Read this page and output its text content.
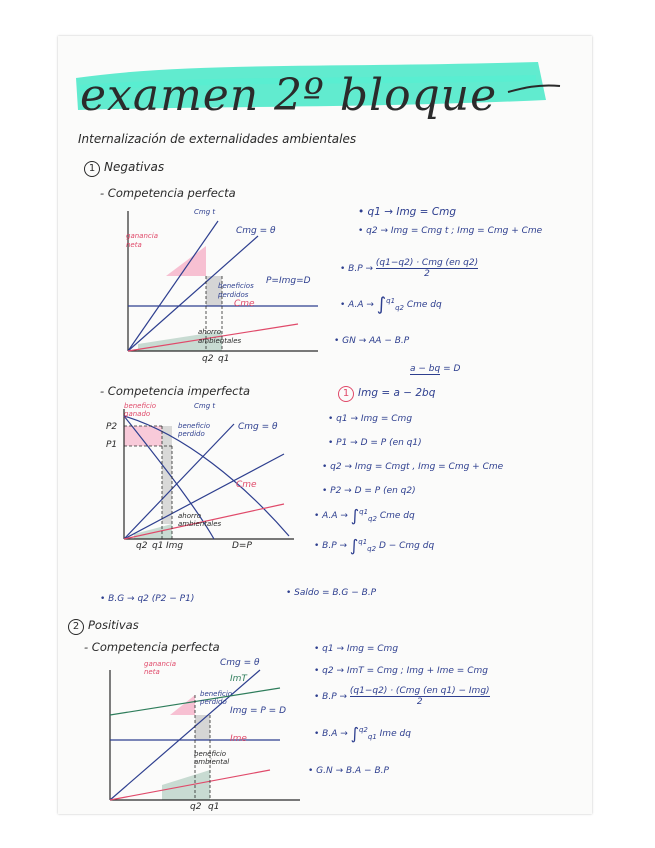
examen 2º bloque
Internalización de externalidades ambientales
1 Negativas
- Competencia perfecta
Cmg t
Cmg = θ
ganancia
neta
beneficios
perdidos
P=Img=D
Cme
ahorro
ambientales
q2 q1
• q1 → Img = Cmg
• q2 → Img = Cmg t ; Img = Cmg + Cme
• B.P →
(q1−q2) · Cmg (en q2)
2
• A.A → ∫$^{q1}_{q2}$ Cme dq
• GN → AA − B.P
- Competencia imperfecta
a − bq = D
1 Img = a − 2bq
beneficio
ganado
Cmg t
beneficio
perdido
Cmg = θ
P2
P1
Cme
ahorro
ambientales
q2 q1 Img	D=P
• q1 → Img = Cmg
• P1 → D = P (en q1)
• q2 → Img = Cmgt , Img = Cmg + Cme
• P2 → D = P (en q2)
• A.A → ∫$^{q1}_{q2}$ Cme dq
• B.P → ∫$^{q1}_{q2}$ D − Cmg dq
• B.G → q2 (P2 − P1)
• Saldo = B.G − B.P
2 Positivas
- Competencia perfecta
ganancia
neta
Cmg = θ
ImT
beneficio
perdido
Img = P = D
Ime
beneficio
ambiental
q2 q1
• q1 → Img = Cmg
• q2 → ImT = Cmg ; Img + Ime = Cmg
• B.P →
(q1−q2) · (Cmg (en q1) − Img)
2
• B.A → ∫$^{q2}_{q1}$ Ime dq
• G.N → B.A − B.P
